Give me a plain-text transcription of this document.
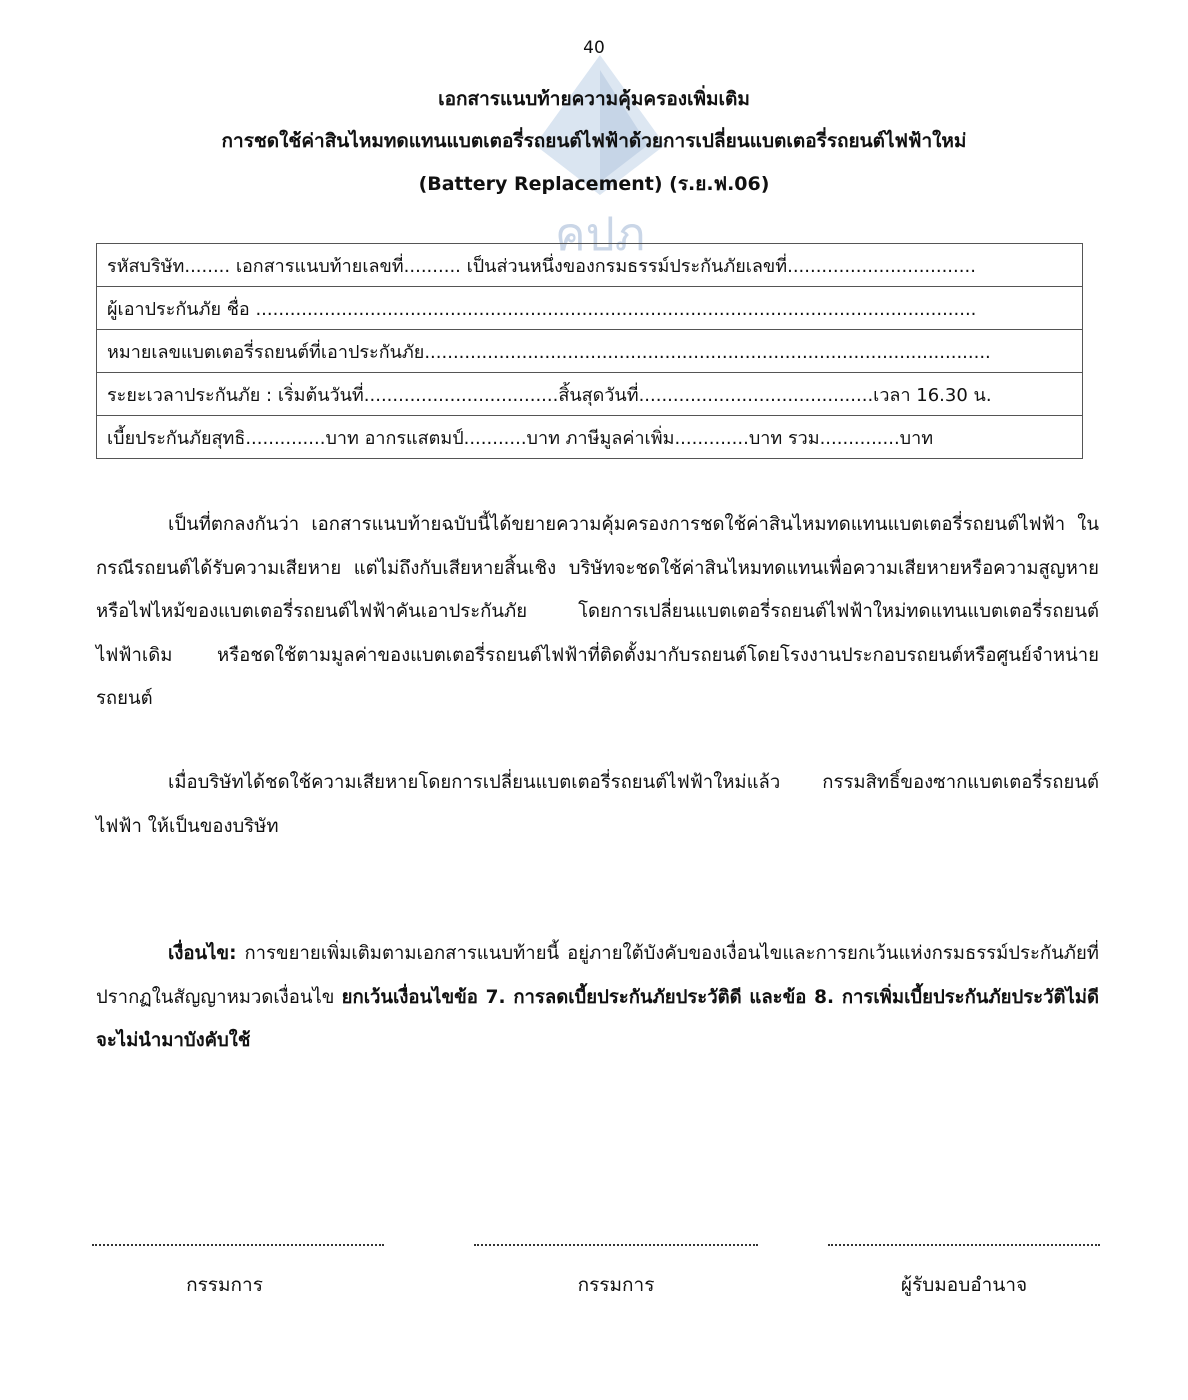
คปภ
40
เอกสารแนบท้ายความคุ้มครองเพิ่มเติม
การชดใช้ค่าสินไหมทดแทนแบตเตอรี่รถยนต์ไฟฟ้าด้วยการเปลี่ยนแบตเตอรี่รถยนต์ไฟฟ้าใหม่
(Battery Replacement) (ร.ย.ฟ.06)
รหัสบริษัท........ เอกสารแนบท้ายเลขที่.......... เป็นส่วนหนึ่งของกรมธรรม์ประกันภัยเลขที่.................................
ผู้เอาประกันภัย ชื่อ ..............................................................................................................................
หมายเลขแบตเตอรี่รถยนต์ที่เอาประกันภัย...................................................................................................
ระยะเวลาประกันภัย : เริ่มต้นวันที่..................................สิ้นสุดวันที่.........................................เวลา 16.30 น.
เบี้ยประกันภัยสุทธิ..............บาท อากรแสตมป์...........บาท ภาษีมูลค่าเพิ่ม.............บาท รวม..............บาท
เป็นที่ตกลงกันว่า เอกสารแนบท้ายฉบับนี้ได้ขยายความคุ้มครองการชดใช้ค่าสินไหมทดแทนแบตเตอรี่รถยนต์ไฟฟ้า ในกรณีรถยนต์ได้รับความเสียหาย แต่ไม่ถึงกับเสียหายสิ้นเชิง บริษัทจะชดใช้ค่าสินไหมทดแทนเพื่อความเสียหายหรือความสูญหายหรือไฟไหม้ของแบตเตอรี่รถยนต์ไฟฟ้าคันเอาประกันภัย โดยการเปลี่ยนแบตเตอรี่รถยนต์ไฟฟ้าใหม่ทดแทนแบตเตอรี่รถยนต์ไฟฟ้าเดิม หรือชดใช้ตามมูลค่าของแบตเตอรี่รถยนต์ไฟฟ้าที่ติดตั้งมากับรถยนต์โดยโรงงานประกอบรถยนต์หรือศูนย์จำหน่ายรถยนต์
เมื่อบริษัทได้ชดใช้ความเสียหายโดยการเปลี่ยนแบตเตอรี่รถยนต์ไฟฟ้าใหม่แล้ว กรรมสิทธิ์ของซากแบตเตอรี่รถยนต์ไฟฟ้า ให้เป็นของบริษัท
เงื่อนไข: การขยายเพิ่มเติมตามเอกสารแนบท้ายนี้ อยู่ภายใต้บังคับของเงื่อนไขและการยกเว้นแห่งกรมธรรม์ประกันภัยที่ปรากฏในสัญญาหมวดเงื่อนไข ยกเว้นเงื่อนไขข้อ 7. การลดเบี้ยประกันภัยประวัติดี และข้อ 8. การเพิ่มเบี้ยประกันภัยประวัติไม่ดี จะไม่นำมาบังคับใช้
กรรมการ	กรรมการ	ผู้รับมอบอำนาจ
